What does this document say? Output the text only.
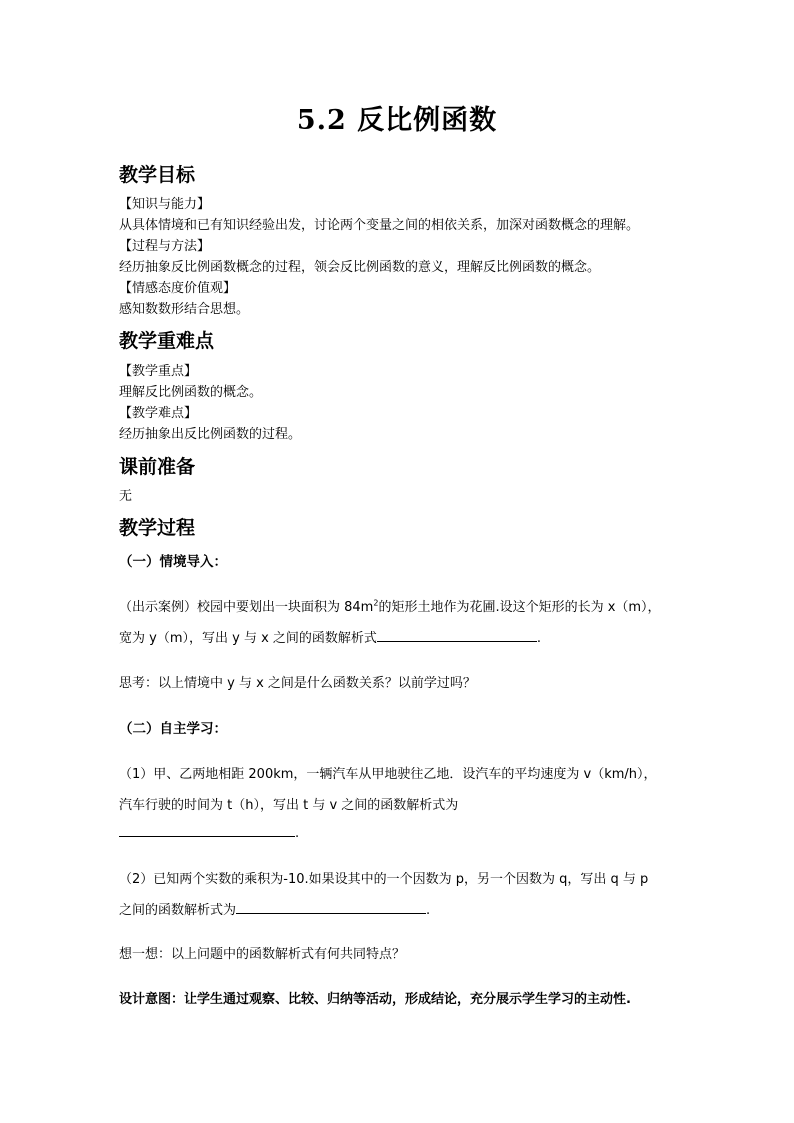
5.2 反比例函数
教学目标
【知识与能力】
从具体情境和已有知识经验出发，讨论两个变量之间的相依关系，加深对函数概念的理解。
【过程与方法】
经历抽象反比例函数概念的过程，领会反比例函数的意义，理解反比例函数的概念。
【情感态度价值观】
感知数数形结合思想。
教学重难点
【教学重点】
理解反比例函数的概念。
【教学难点】
经历抽象出反比例函数的过程。
课前准备
无
教学过程
（一）情境导入：
（出示案例）校园中要划出一块面积为 $84m^2$的矩形土地作为花圃.设这个矩形的长为 x（m），
宽为 y（m），写出 y 与 x 之间的函数解析式	.
思考：以上情境中 y 与 x 之间是什么函数关系？以前学过吗？
（二）自主学习：
（1）甲、乙两地相距 200km，一辆汽车从甲地驶往乙地．设汽车的平均速度为 v（km/h），
汽车行驶的时间为 t（h），写出 t 与 v 之间的函数解析式为
.
（2）已知两个实数的乘积为-10.如果设其中的一个因数为 p，另一个因数为 q，写出 q 与 p
之间的函数解析式为	.
想一想：以上问题中的函数解析式有何共同特点？
设计意图：让学生通过观察、比较、归纳等活动，形成结论，充分展示学生学习的主动性.
